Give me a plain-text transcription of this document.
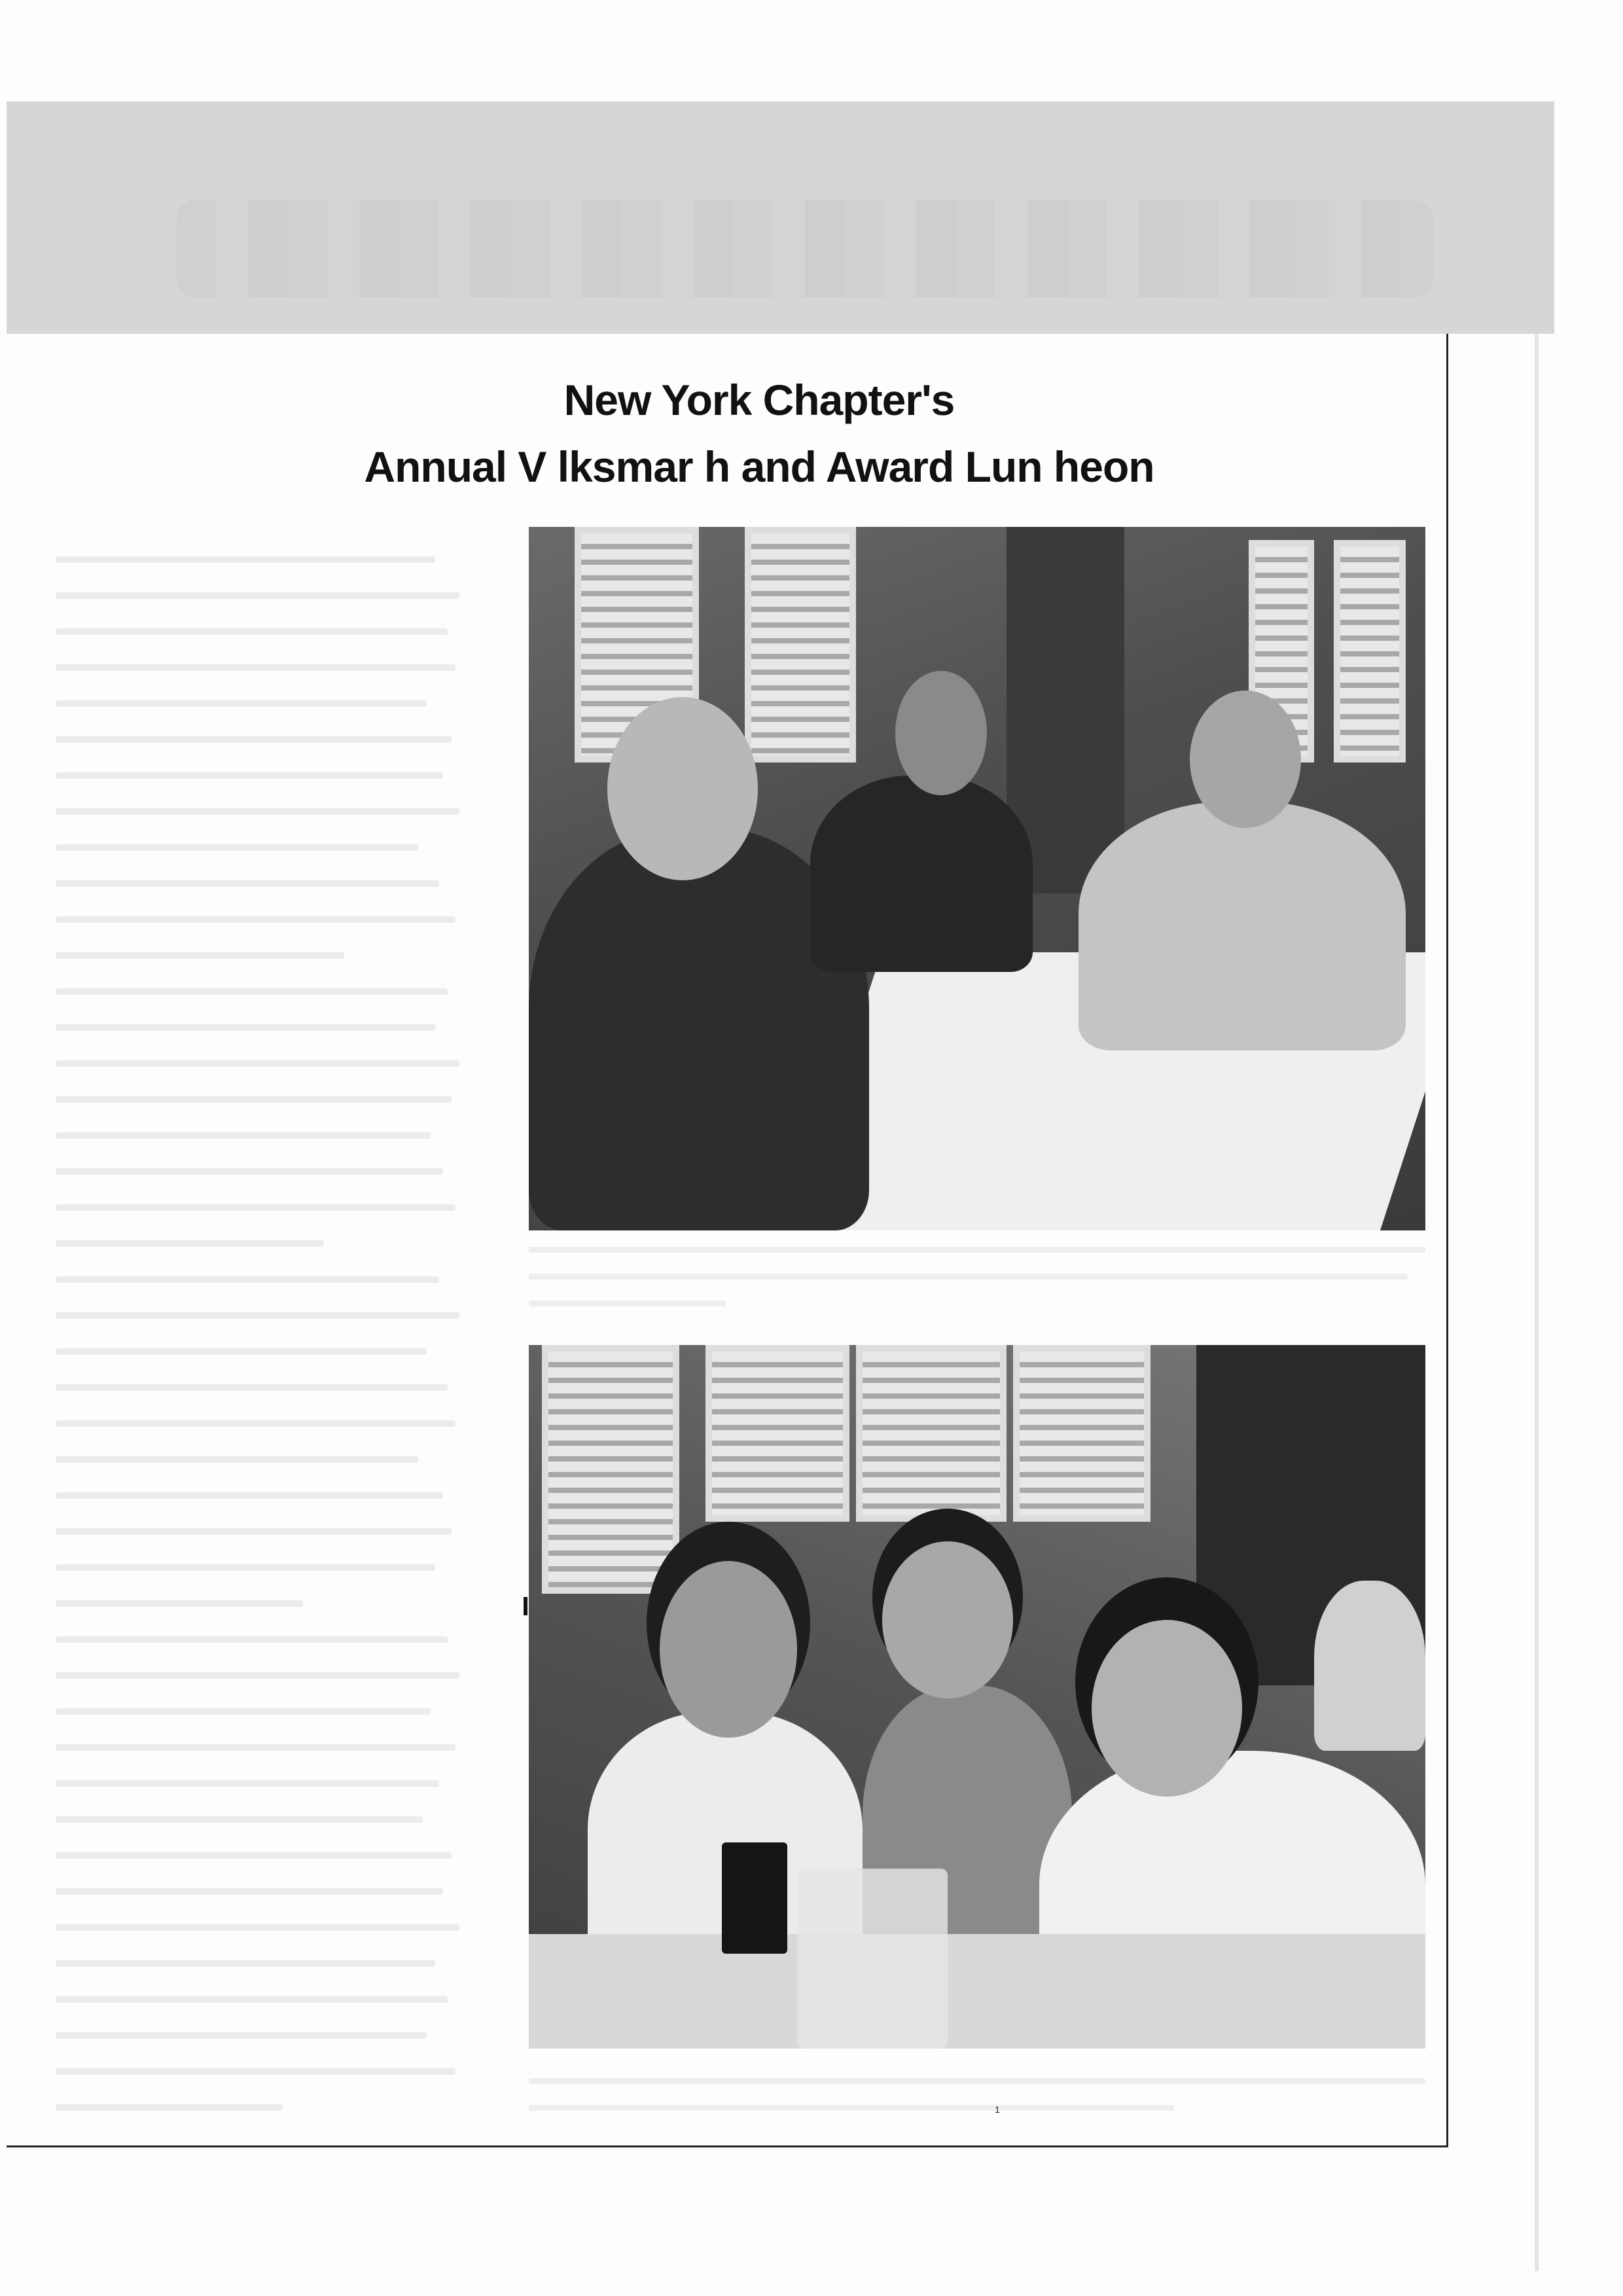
New York Chapter's
Annual V lksmar h and Award Lun heon
1
